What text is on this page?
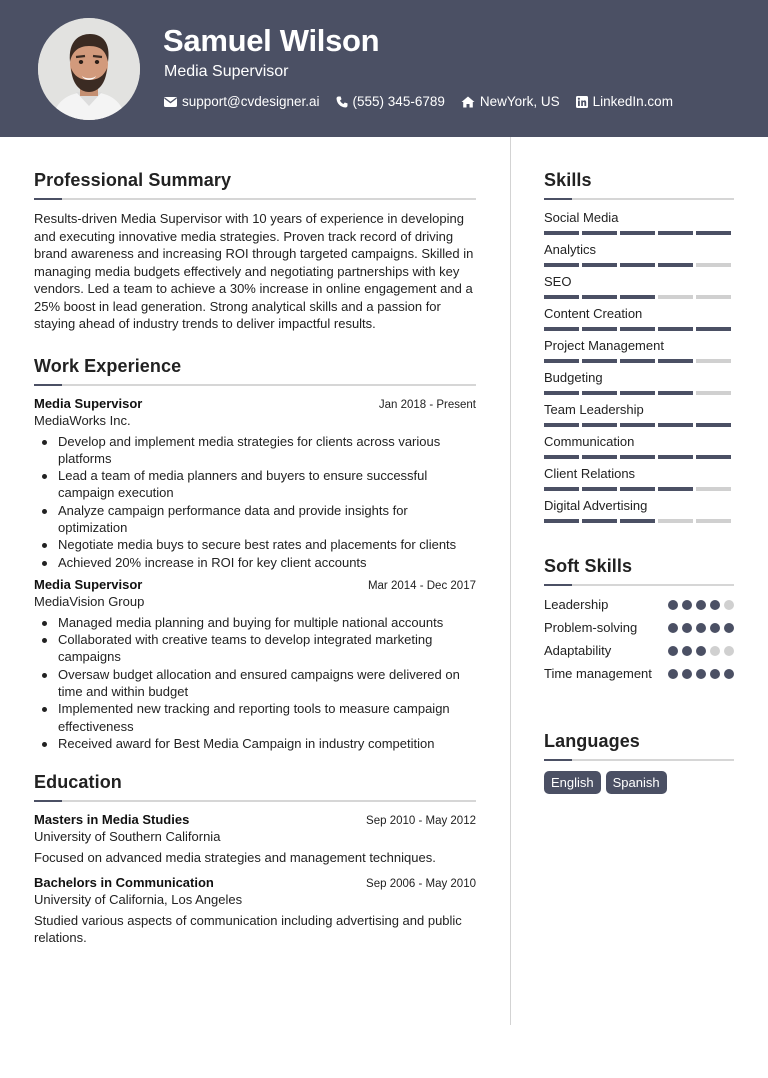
Samuel Wilson
Media Supervisor
support@cvdesigner.ai (555) 345-6789	NewYork, US LinkedIn.com
Professional Summary

Results-driven Media Supervisor with 10 years of experience in developing and executing innovative media strategies. Proven track record of driving brand awareness and increasing ROI through targeted campaigns. Skilled in managing media budgets effectively and negotiating partnerships with key vendors. Led a team to achieve a 30% increase in online engagement and a 25% boost in lead generation. Strong analytical skills and a passion for staying ahead of industry trends to deliver impactful results.

Work Experience
Media Supervisor	Jan 2018 - Present
MediaWorks Inc.
Develop and implement media strategies for clients across various platforms
Lead a team of media planners and buyers to ensure successful campaign execution
Analyze campaign performance data and provide insights for optimization
Negotiate media buys to secure best rates and placements for clients
Achieved 20% increase in ROI for key client accounts
Media Supervisor	Mar 2014 - Dec 2017
MediaVision Group
Managed media planning and buying for multiple national accounts
Collaborated with creative teams to develop integrated marketing campaigns
Oversaw budget allocation and ensured campaigns were delivered on time and within budget
Implemented new tracking and reporting tools to measure campaign effectiveness
Received award for Best Media Campaign in industry competition
Education
Masters in Media Studies	Sep 2010 - May 2012
University of Southern California

Focused on advanced media strategies and management techniques.

Bachelors in Communication	Sep 2006 - May 2010
University of California, Los Angeles

Studied various aspects of communication including advertising and public relations.

Skills
Social Media
Analytics
SEO
Content Creation
Project Management
Budgeting
Team Leadership
Communication
Client Relations
Digital Advertising
Soft Skills
Leadership
Problem-solving
Adaptability
Time management
Languages
English	Spanish
